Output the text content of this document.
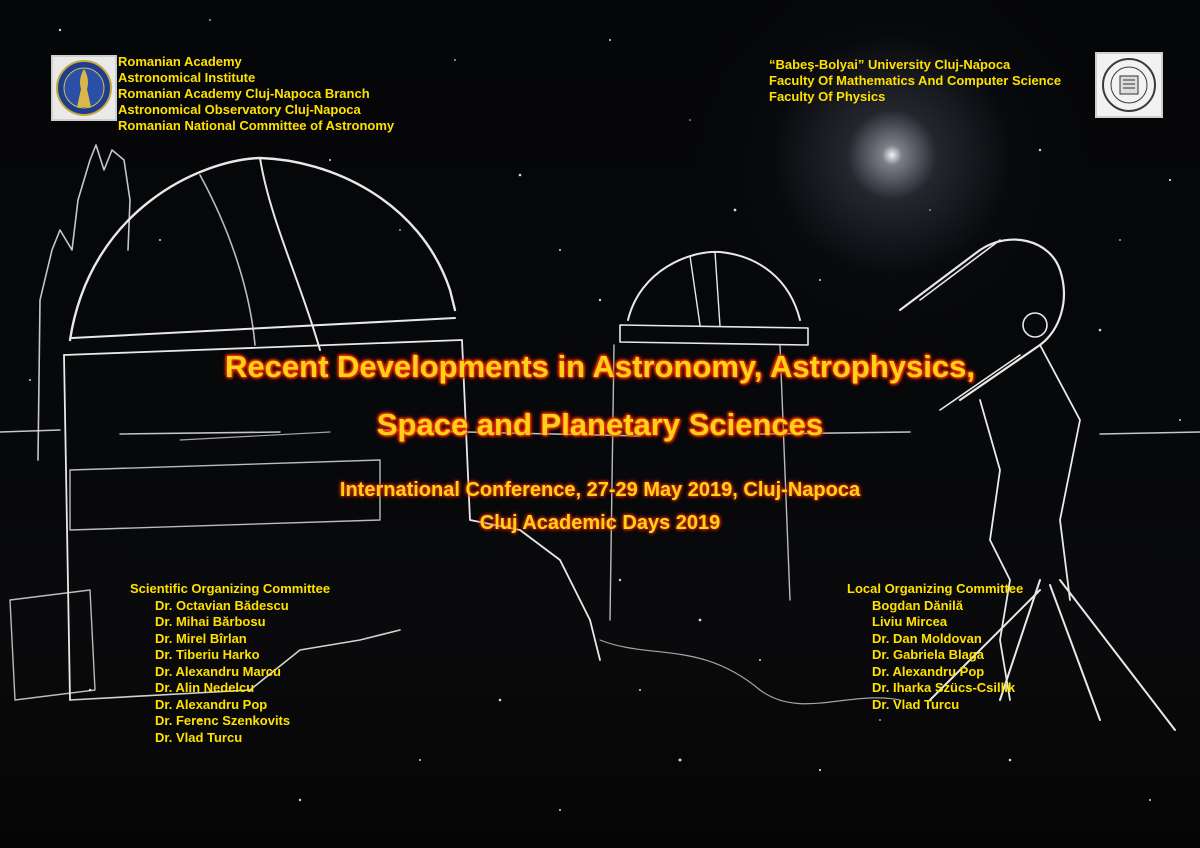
Romanian Academy
Astronomical Institute
Romanian Academy Cluj-Napoca Branch
Astronomical Observatory Cluj-Napoca
Romanian National Committee of Astronomy
“Babeş-Bolyai” University Cluj-Napoca
Faculty Of Mathematics And Computer Science
Faculty Of Physics
Recent Developments in Astronomy, Astrophysics,
Space and Planetary Sciences
International Conference, 27-29 May 2019, Cluj-Napoca
Cluj Academic Days 2019
Scientific Organizing Committee
Dr. Octavian Bădescu
Dr. Mihai Bărbosu
Dr. Mirel Bîrlan
Dr. Tiberiu Harko
Dr. Alexandru Marcu
Dr. Alin Nedelcu
Dr. Alexandru Pop
Dr. Ferenc Szenkovits
Dr. Vlad Turcu
Local Organizing Committee
Bogdan Dănilă
Liviu Mircea
Dr. Dan Moldovan
Dr. Gabriela Blaga
Dr. Alexandru Pop
Dr. Iharka Szücs-Csillik
Dr. Vlad Turcu
